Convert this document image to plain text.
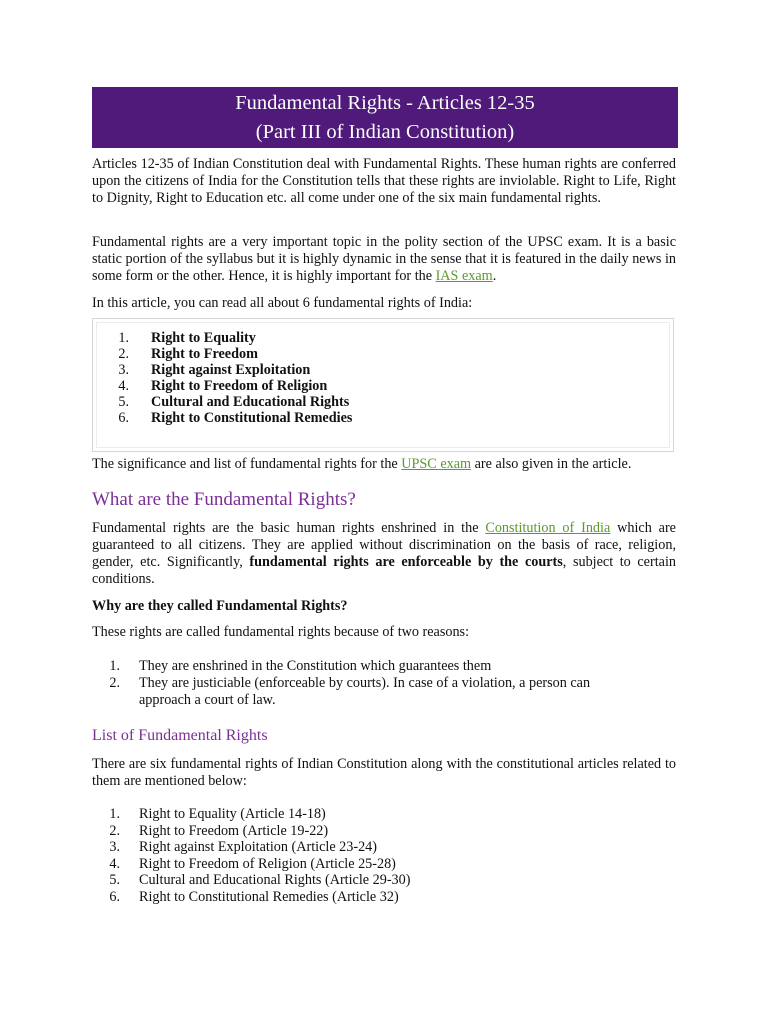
Fundamental Rights - Articles 12-35
(Part III of Indian Constitution)

Articles 12-35 of Indian Constitution deal with Fundamental Rights. These human rights are conferred upon the citizens of India for the Constitution tells that these rights are inviolable. Right to Life, Right to Dignity, Right to Education etc. all come under one of the six main fundamental rights.

Fundamental rights are a very important topic in the polity section of the UPSC exam. It is a basic static portion of the syllabus but it is highly dynamic in the sense that it is featured in the daily news in some form or the other. Hence, it is highly important for the IAS exam.

In this article, you can read all about 6 fundamental rights of India:

1. Right to Equality
2. Right to Freedom
3. Right against Exploitation
4. Right to Freedom of Religion
5. Cultural and Educational Rights
6. Right to Constitutional Remedies

The significance and list of fundamental rights for the UPSC exam are also given in the article.

What are the Fundamental Rights?

Fundamental rights are the basic human rights enshrined in the Constitution of India which are guaranteed to all citizens. They are applied without discrimination on the basis of race, religion, gender, etc. Significantly, fundamental rights are enforceable by the courts, subject to certain conditions.

Why are they called Fundamental Rights?

These rights are called fundamental rights because of two reasons:

1. They are enshrined in the Constitution which guarantees them
2. They are justiciable (enforceable by courts). In case of a violation, a person can approach a court of law.
List of Fundamental Rights

There are six fundamental rights of Indian Constitution along with the constitutional articles related to them are mentioned below:

1. Right to Equality (Article 14-18)
2. Right to Freedom (Article 19-22)
3. Right against Exploitation (Article 23-24)
4. Right to Freedom of Religion (Article 25-28)
5. Cultural and Educational Rights (Article 29-30)
6. Right to Constitutional Remedies (Article 32)
